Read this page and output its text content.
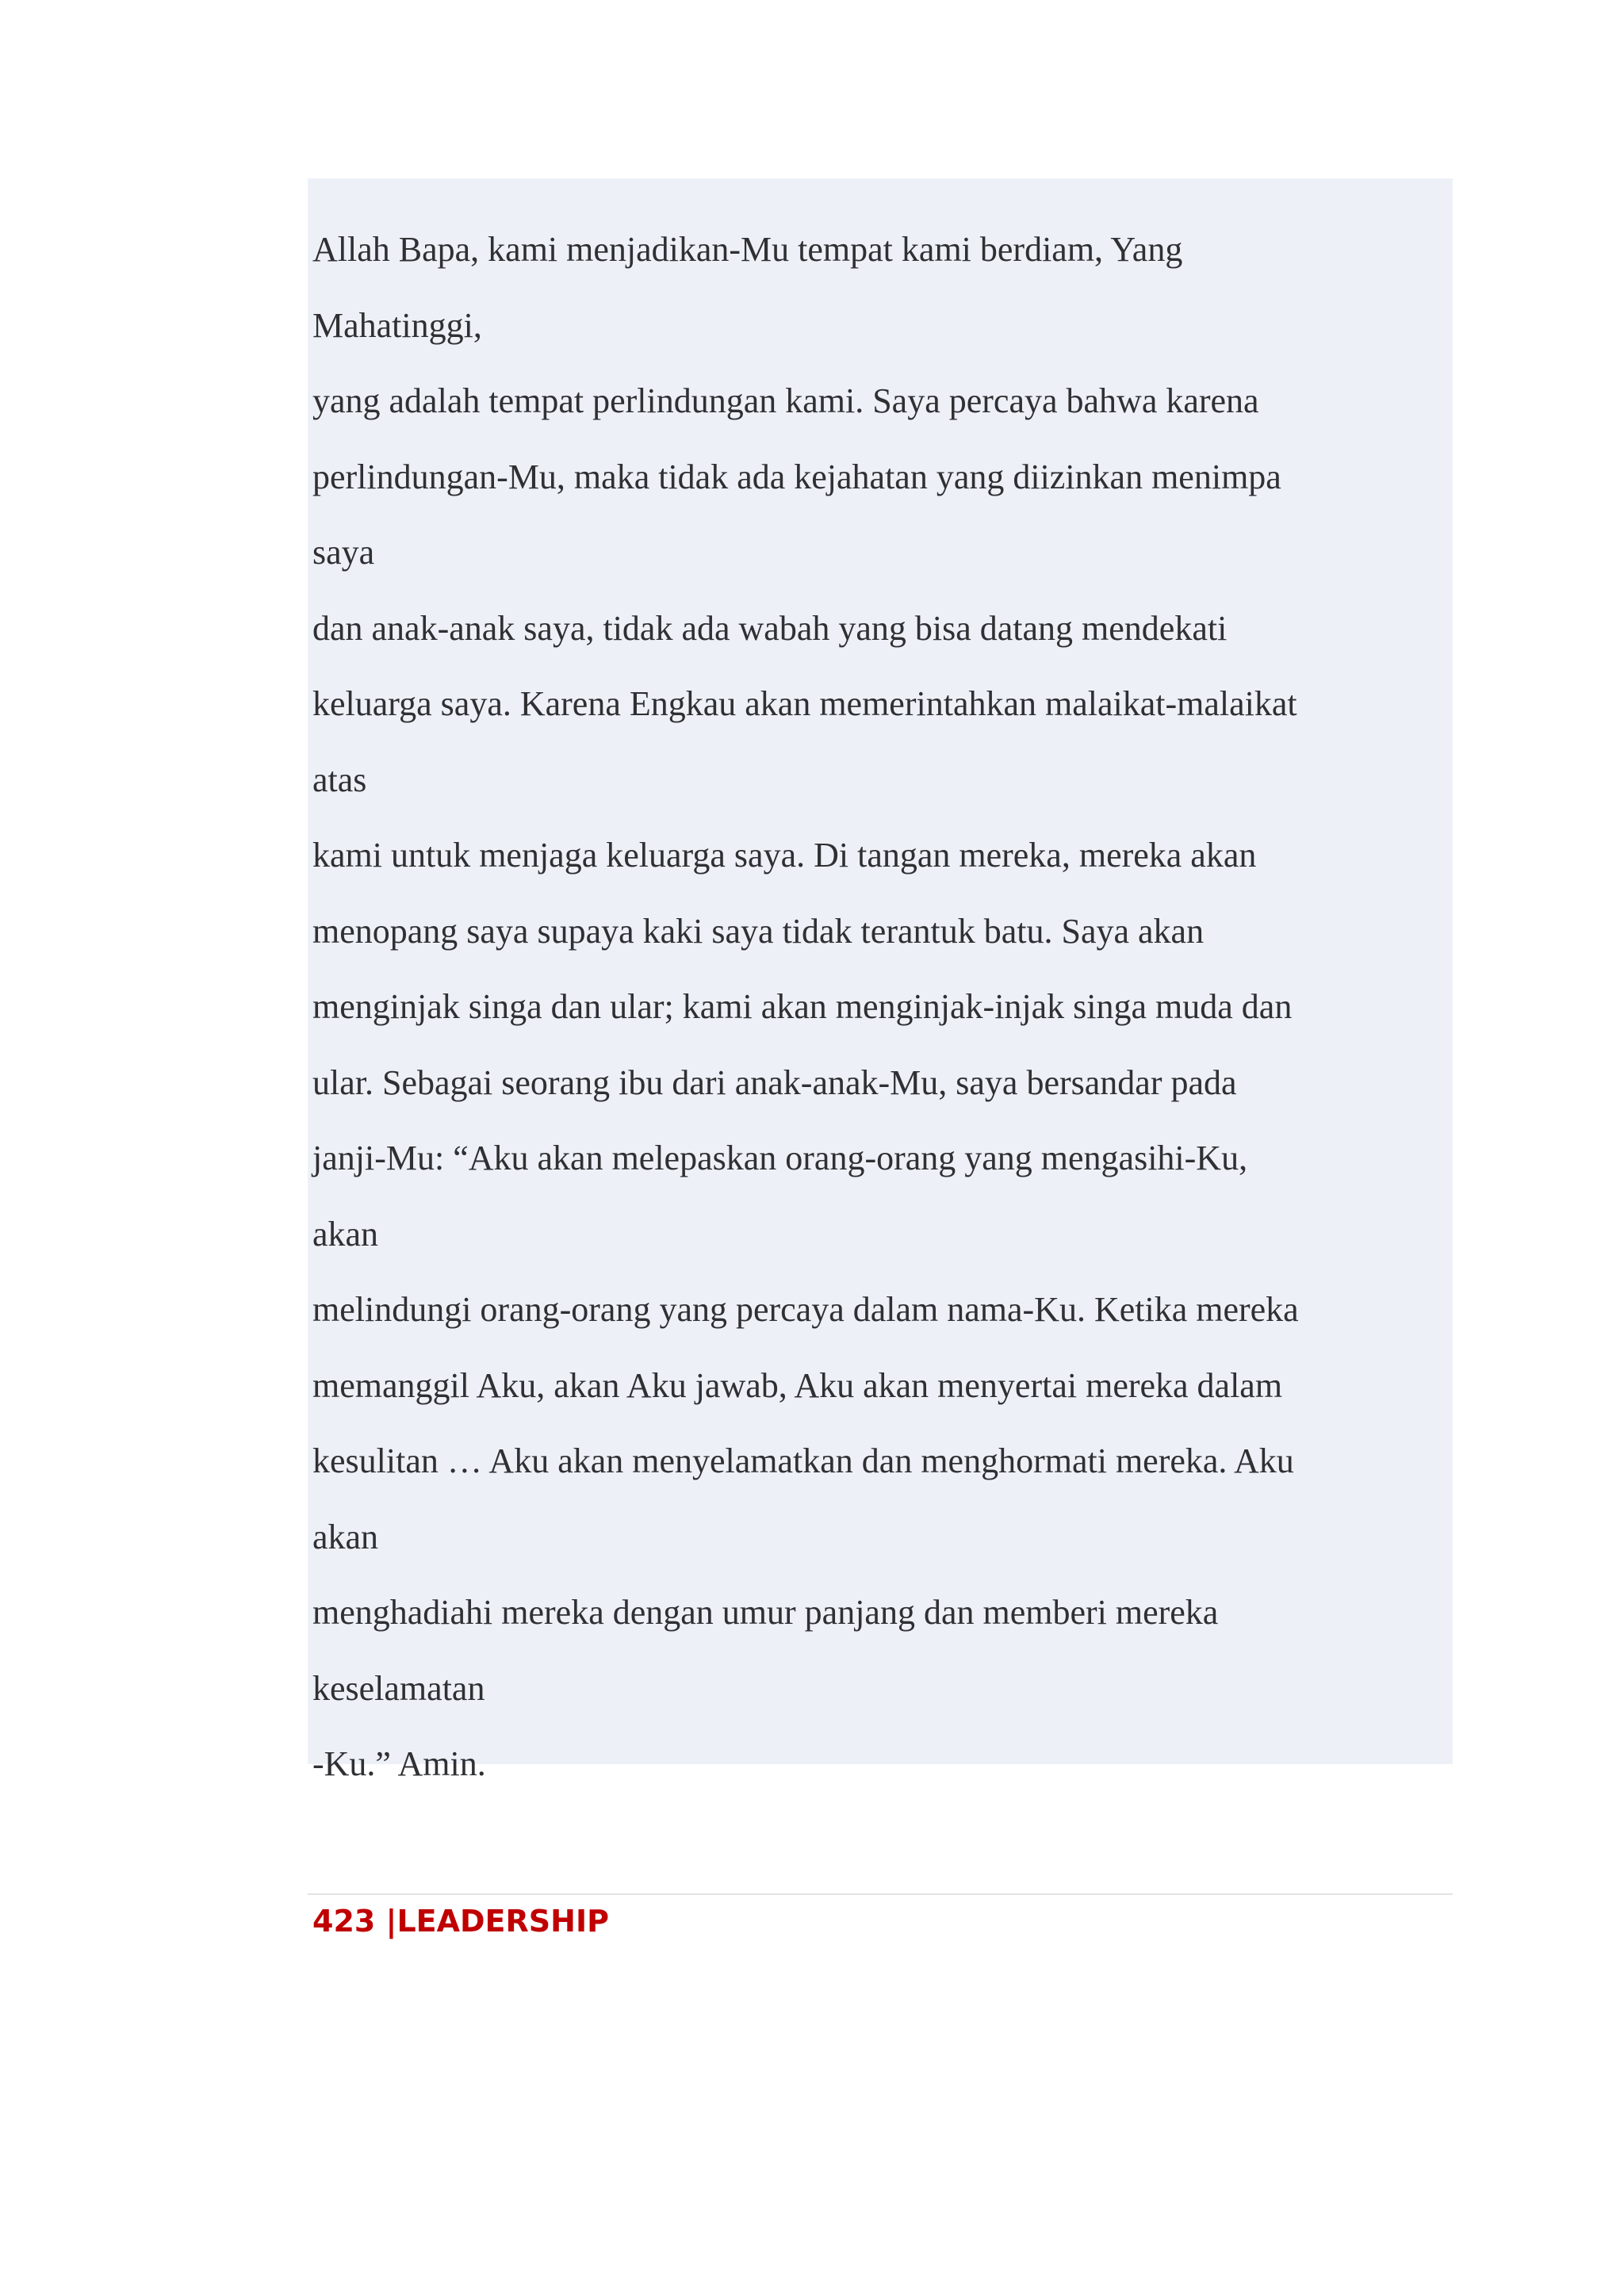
Allah Bapa, kami menjadikan-Mu tempat kami berdiam, Yang
Mahatinggi,
yang adalah tempat perlindungan kami. Saya percaya bahwa karena
perlindungan-Mu, maka tidak ada kejahatan yang diizinkan menimpa
saya
dan anak-anak saya, tidak ada wabah yang bisa datang mendekati
keluarga saya. Karena Engkau akan memerintahkan malaikat-malaikat
atas
kami untuk menjaga keluarga saya. Di tangan mereka, mereka akan
menopang saya supaya kaki saya tidak terantuk batu. Saya akan
menginjak singa dan ular; kami akan menginjak-injak singa muda dan
ular. Sebagai seorang ibu dari anak-anak-Mu, saya bersandar pada
janji-Mu: “Aku akan melepaskan orang-orang yang mengasihi-Ku,
akan
melindungi orang-orang yang percaya dalam nama-Ku. Ketika mereka
memanggil Aku, akan Aku jawab, Aku akan menyertai mereka dalam
kesulitan … Aku akan menyelamatkan dan menghormati mereka. Aku
akan
menghadiahi mereka dengan umur panjang dan memberi mereka
keselamatan
-Ku.” Amin.
423 |LEADERSHIP
